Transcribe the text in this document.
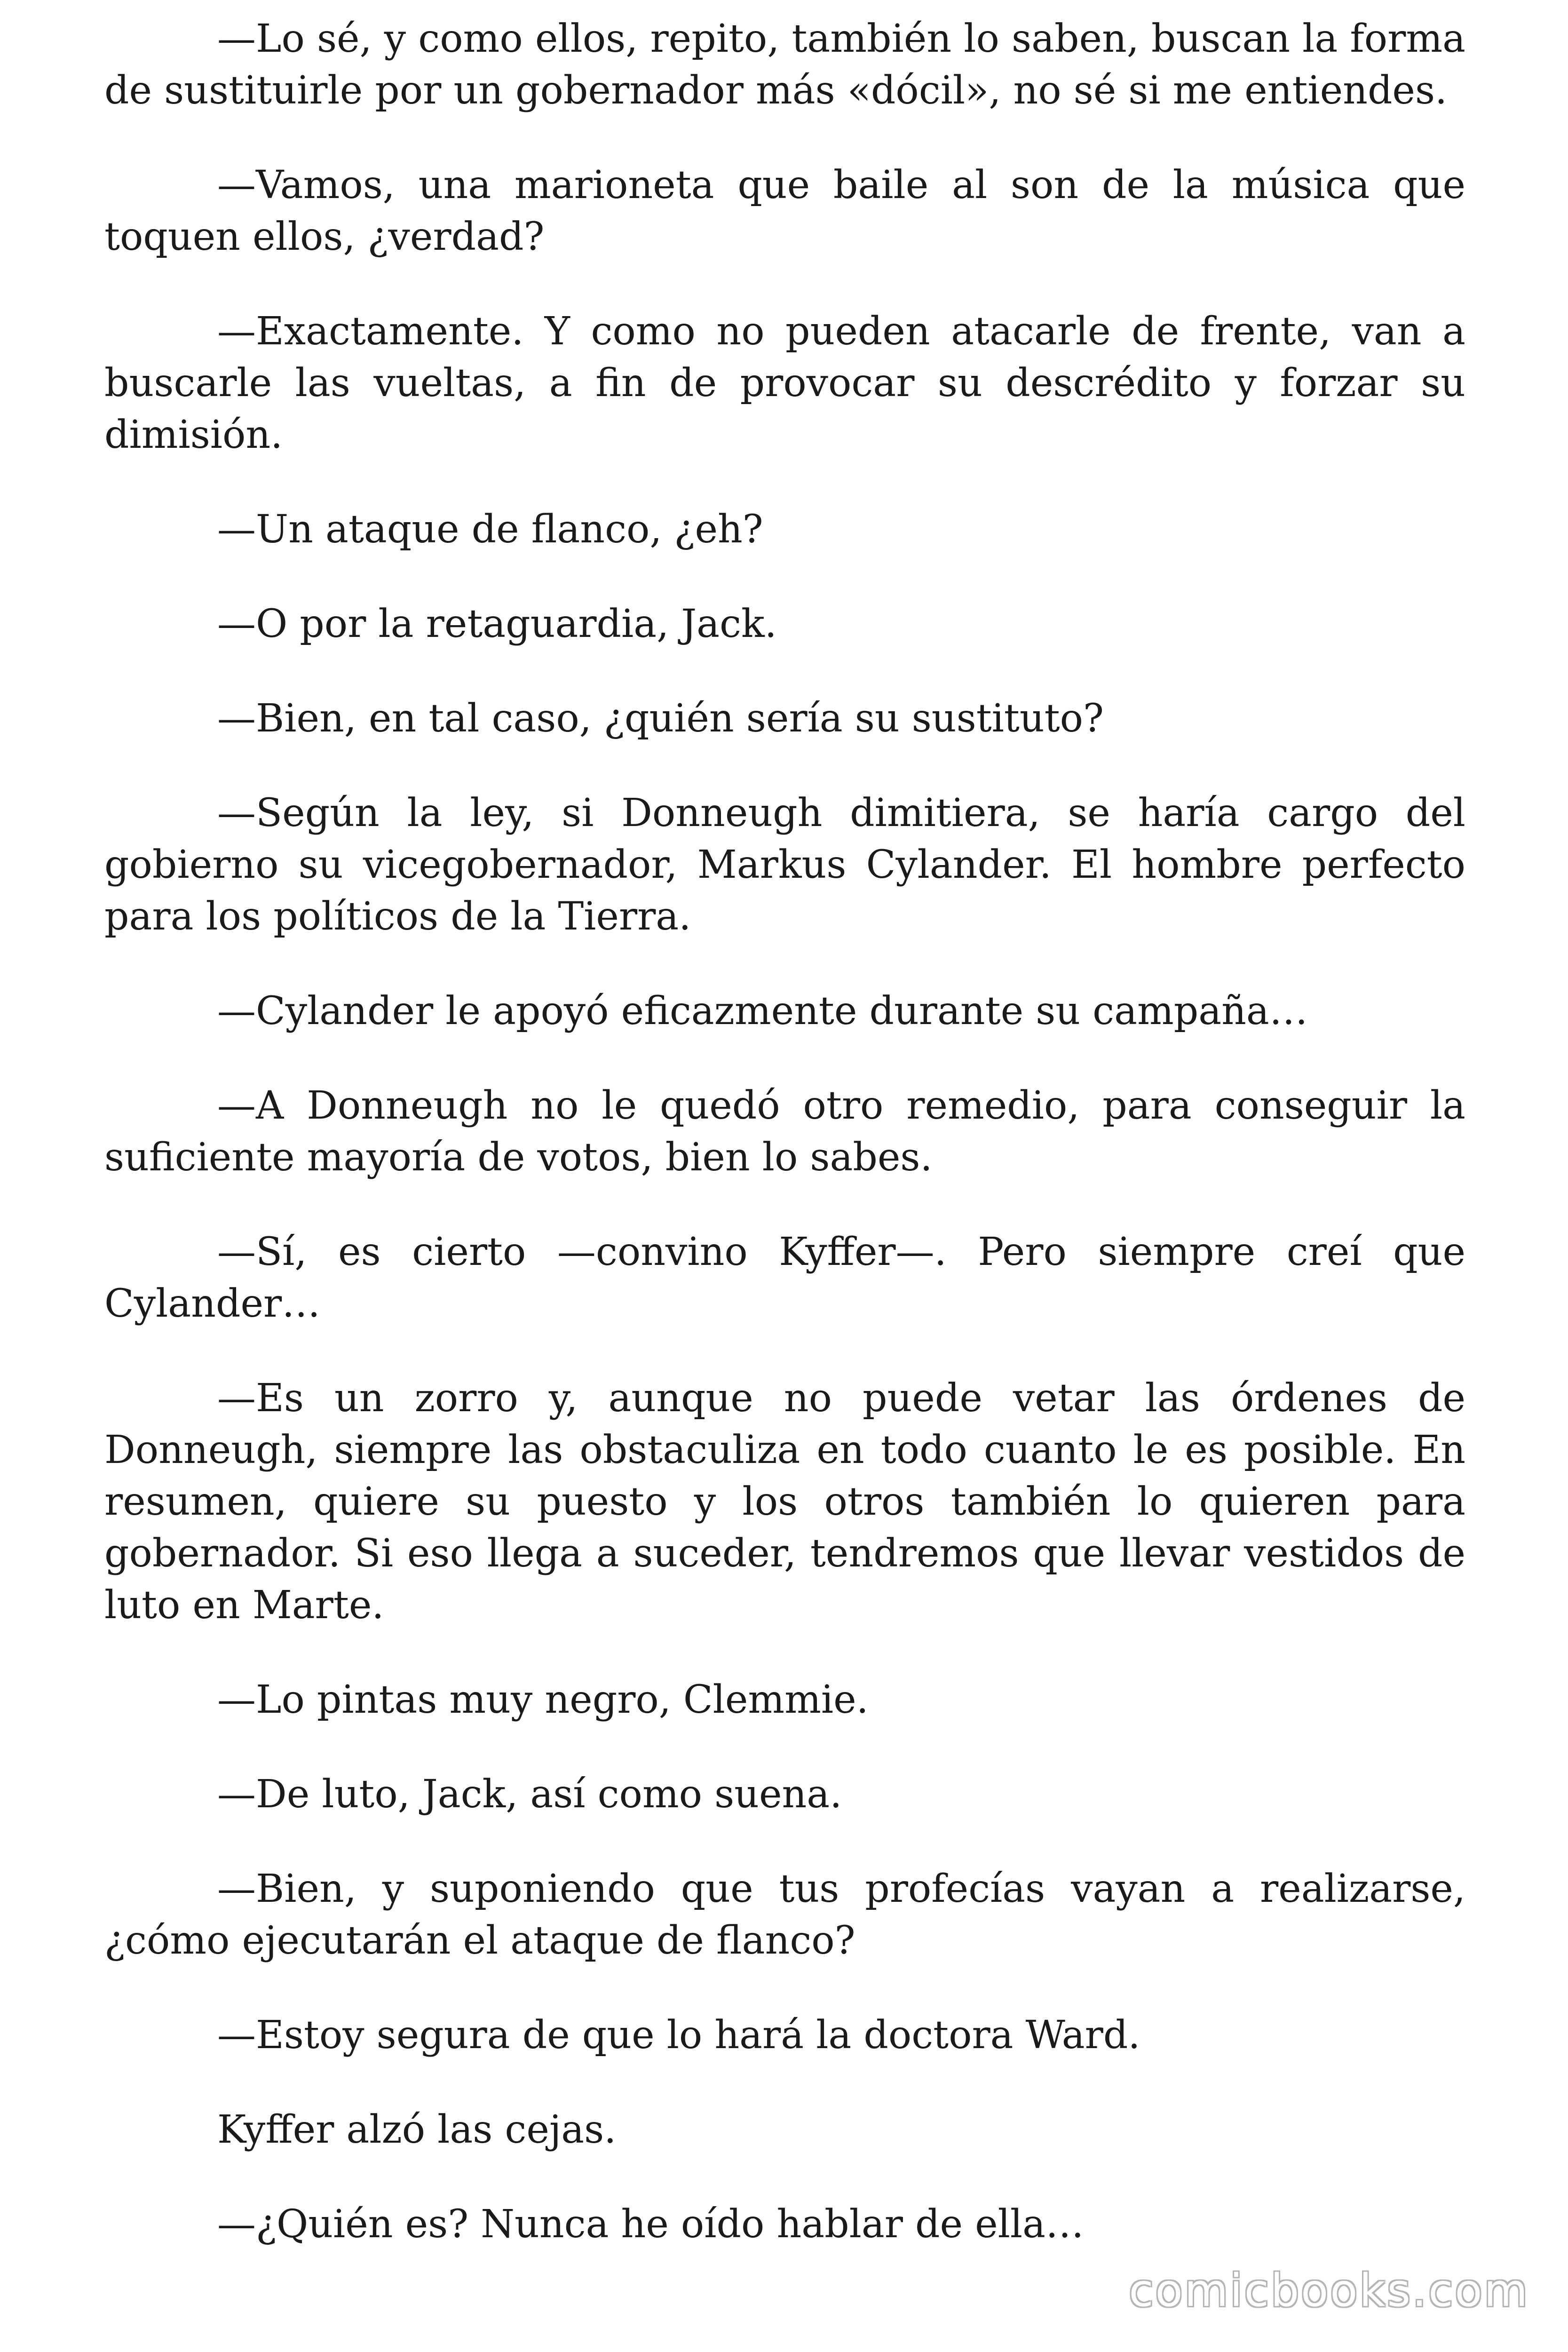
—Lo sé, y como ellos, repito, también lo saben, buscan la forma de sustituirle por un gobernador más «dócil», no sé si me entiendes.

—Vamos, una marioneta que baile al son de la música que toquen ellos, ¿verdad?

—Exactamente. Y como no pueden atacarle de frente, van a buscarle las vueltas, a fin de provocar su descrédito y forzar su dimisión.

—Un ataque de flanco, ¿eh?

—O por la retaguardia, Jack.

—Bien, en tal caso, ¿quién sería su sustituto?

—Según la ley, si Donneugh dimitiera, se haría cargo del gobierno su vicegobernador, Markus Cylander. El hombre perfecto para los políticos de la Tierra.

—Cylander le apoyó eficazmente durante su campaña…

—A Donneugh no le quedó otro remedio, para conseguir la suficiente mayoría de votos, bien lo sabes.

—Sí, es cierto —convino Kyffer—. Pero siempre creí que Cylander…

—Es un zorro y, aunque no puede vetar las órdenes de Donneugh, siempre las obstaculiza en todo cuanto le es posible. En resumen, quiere su puesto y los otros también lo quieren para gobernador. Si eso llega a suceder, tendremos que llevar vestidos de luto en Marte.

—Lo pintas muy negro, Clemmie.

—De luto, Jack, así como suena.

—Bien, y suponiendo que tus profecías vayan a realizarse, ¿cómo ejecutarán el ataque de flanco?

—Estoy segura de que lo hará la doctora Ward.

Kyffer alzó las cejas.

—¿Quién es? Nunca he oído hablar de ella…

comicbooks.com
